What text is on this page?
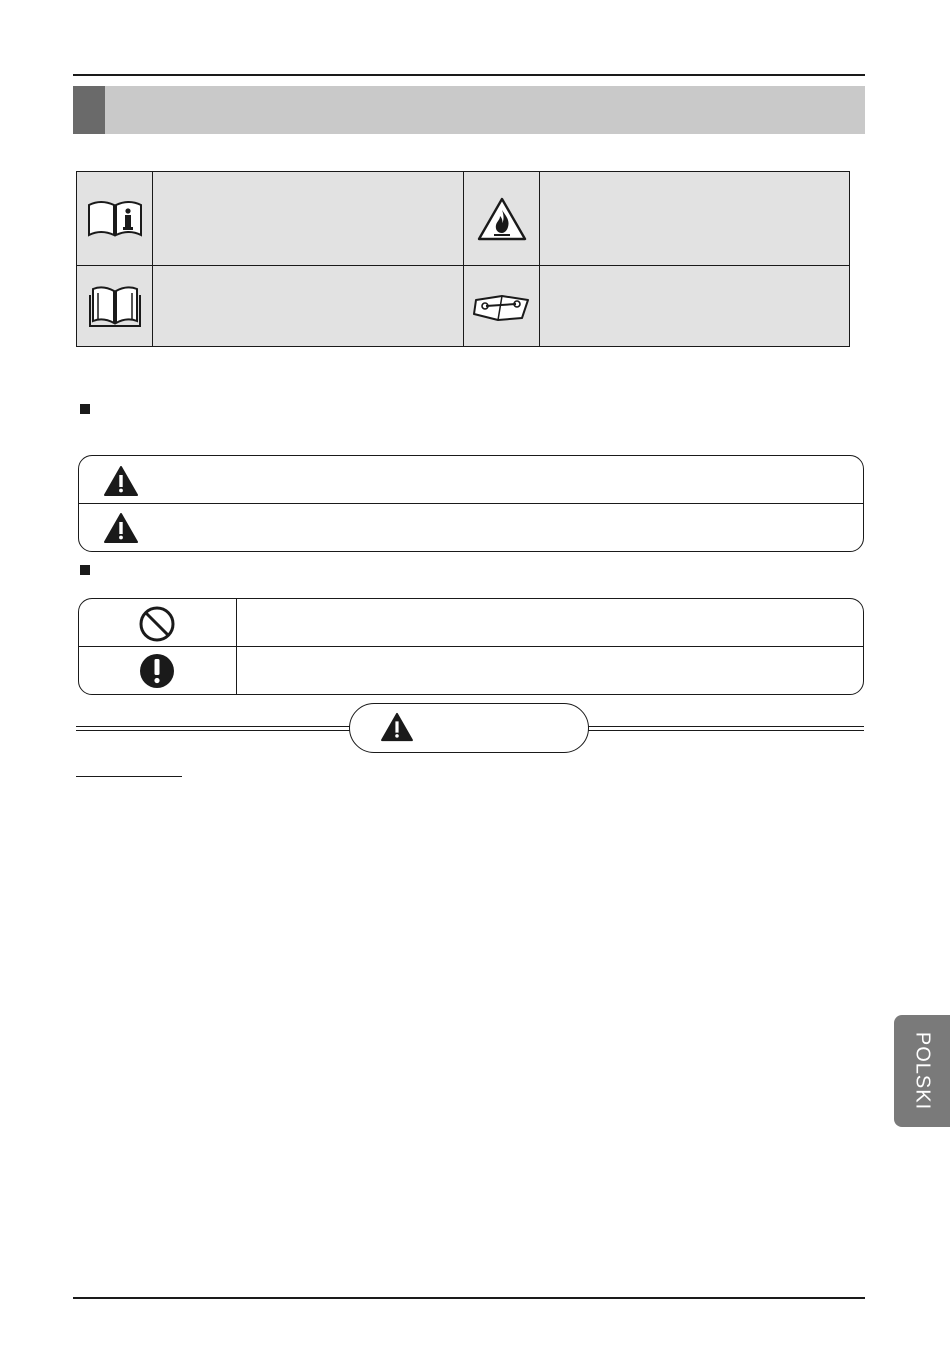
POLSKI
